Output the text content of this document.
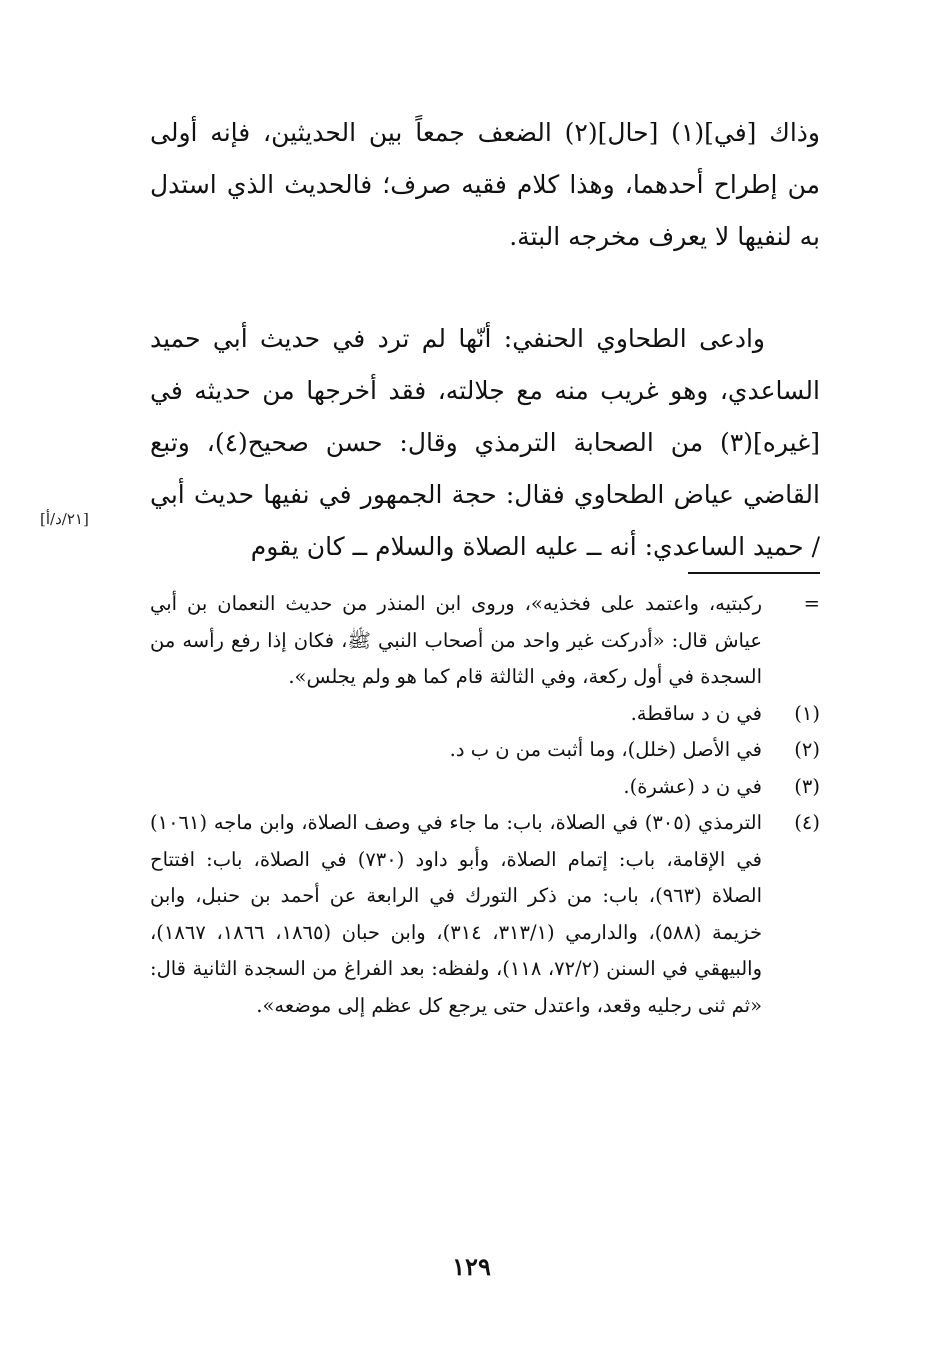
وذاك [في](١) [حال](٢) الضعف جمعاً بين الحديثين، فإنه أولى من إطراح أحدهما، وهذا كلام فقيه صرف؛ فالحديث الذي استدل به لنفيها لا يعرف مخرجه البتة.

وادعى الطحاوي الحنفي: أنّها لم ترد في حديث أبي حميد الساعدي، وهو غريب منه مع جلالته، فقد أخرجها من حديثه في [غيره](٣) من الصحابة الترمذي وقال: حسن صحيح(٤)، وتبع القاضي عياض الطحاوي فقال: حجة الجمهور في نفيها حديث أبي / حميد الساعدي: أنه ــ عليه الصلاة والسلام ــ كان يقوم

[٢١/د/أ]

=
ركبتيه، واعتمد على فخذيه»، وروى ابن المنذر من حديث النعمان بن أبي عياش قال: «أدركت غير واحد من أصحاب النبي ﷺ، فكان إذا رفع رأسه من السجدة في أول ركعة، وفي الثالثة قام كما هو ولم يجلس».

(١)
في ن د ساقطة.

(٢)
في الأصل (خلل)، وما أثبت من ن ب د.

(٣)
في ن د (عشرة).

(٤)
الترمذي (٣٠٥) في الصلاة، باب: ما جاء في وصف الصلاة، وابن ماجه (١٠٦١) في الإقامة، باب: إتمام الصلاة، وأبو داود (٧٣٠) في الصلاة، باب: افتتاح الصلاة (٩٦٣)، باب: من ذكر التورك في الرابعة عن أحمد بن حنبل، وابن خزيمة (٥٨٨)، والدارمي (٣١٣/١، ٣١٤)، وابن حبان (١٨٦٥، ١٨٦٦، ١٨٦٧)، والبيهقي في السنن (٧٢/٢، ١١٨)، ولفظه: بعد الفراغ من السجدة الثانية قال: «ثم ثنى رجليه وقعد، واعتدل حتى يرجع كل عظم إلى موضعه».

١٢٩
